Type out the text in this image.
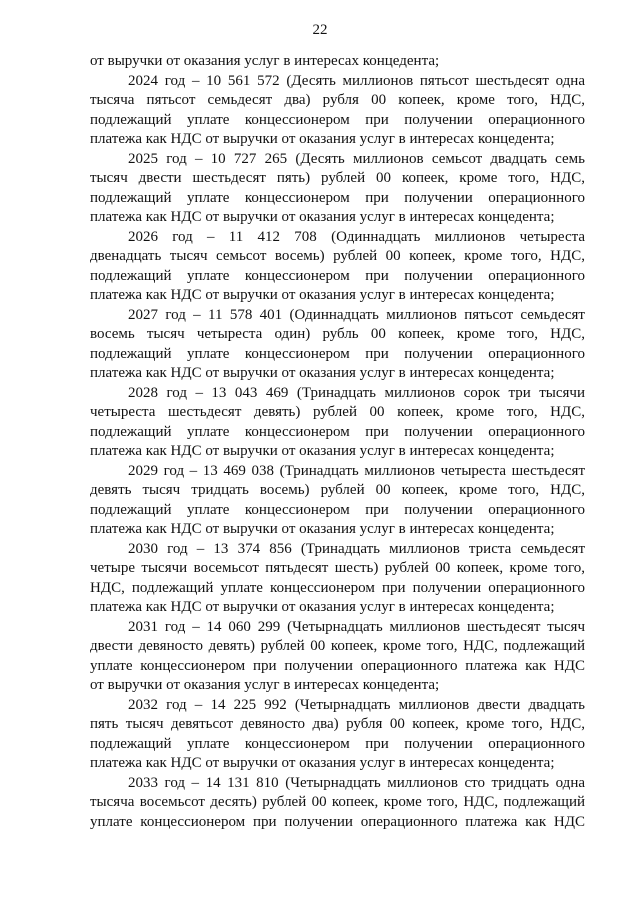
22
от выручки от оказания услуг в интересах концедента;
2024 год – 10 561 572 (Десять миллионов пятьсот шестьдесят одна
тысяча пятьсот семьдесят два) рубля 00 копеек, кроме того, НДС,
подлежащий уплате концессионером при получении операционного
платежа как НДС от выручки от оказания услуг в интересах концедента;
2025 год – 10 727 265 (Десять миллионов семьсот двадцать семь
тысяч двести шестьдесят пять) рублей 00 копеек, кроме того, НДС,
подлежащий уплате концессионером при получении операционного
платежа как НДС от выручки от оказания услуг в интересах концедента;
2026 год – 11 412 708 (Одиннадцать миллионов четыреста
двенадцать тысяч семьсот восемь) рублей 00 копеек, кроме того, НДС,
подлежащий уплате концессионером при получении операционного
платежа как НДС от выручки от оказания услуг в интересах концедента;
2027 год – 11 578 401 (Одиннадцать миллионов пятьсот семьдесят
восемь тысяч четыреста один) рубль 00 копеек, кроме того, НДС,
подлежащий уплате концессионером при получении операционного
платежа как НДС от выручки от оказания услуг в интересах концедента;
2028 год – 13 043 469 (Тринадцать миллионов сорок три тысячи
четыреста шестьдесят девять) рублей 00 копеек, кроме того, НДС,
подлежащий уплате концессионером при получении операционного
платежа как НДС от выручки от оказания услуг в интересах концедента;
2029 год – 13 469 038 (Тринадцать миллионов четыреста шестьдесят
девять тысяч тридцать восемь) рублей 00 копеек, кроме того, НДС,
подлежащий уплате концессионером при получении операционного
платежа как НДС от выручки от оказания услуг в интересах концедента;
2030 год – 13 374 856 (Тринадцать миллионов триста семьдесят
четыре тысячи восемьсот пятьдесят шесть) рублей 00 копеек, кроме того,
НДС, подлежащий уплате концессионером при получении операционного
платежа как НДС от выручки от оказания услуг в интересах концедента;
2031 год – 14 060 299 (Четырнадцать миллионов шестьдесят тысяч
двести девяносто девять) рублей 00 копеек, кроме того, НДС, подлежащий
уплате концессионером при получении операционного платежа как НДС
от выручки от оказания услуг в интересах концедента;
2032 год – 14 225 992 (Четырнадцать миллионов двести двадцать
пять тысяч девятьсот девяносто два) рубля 00 копеек, кроме того, НДС,
подлежащий уплате концессионером при получении операционного
платежа как НДС от выручки от оказания услуг в интересах концедента;
2033 год – 14 131 810 (Четырнадцать миллионов сто тридцать одна
тысяча восемьсот десять) рублей 00 копеек, кроме того, НДС, подлежащий
уплате концессионером при получении операционного платежа как НДС
